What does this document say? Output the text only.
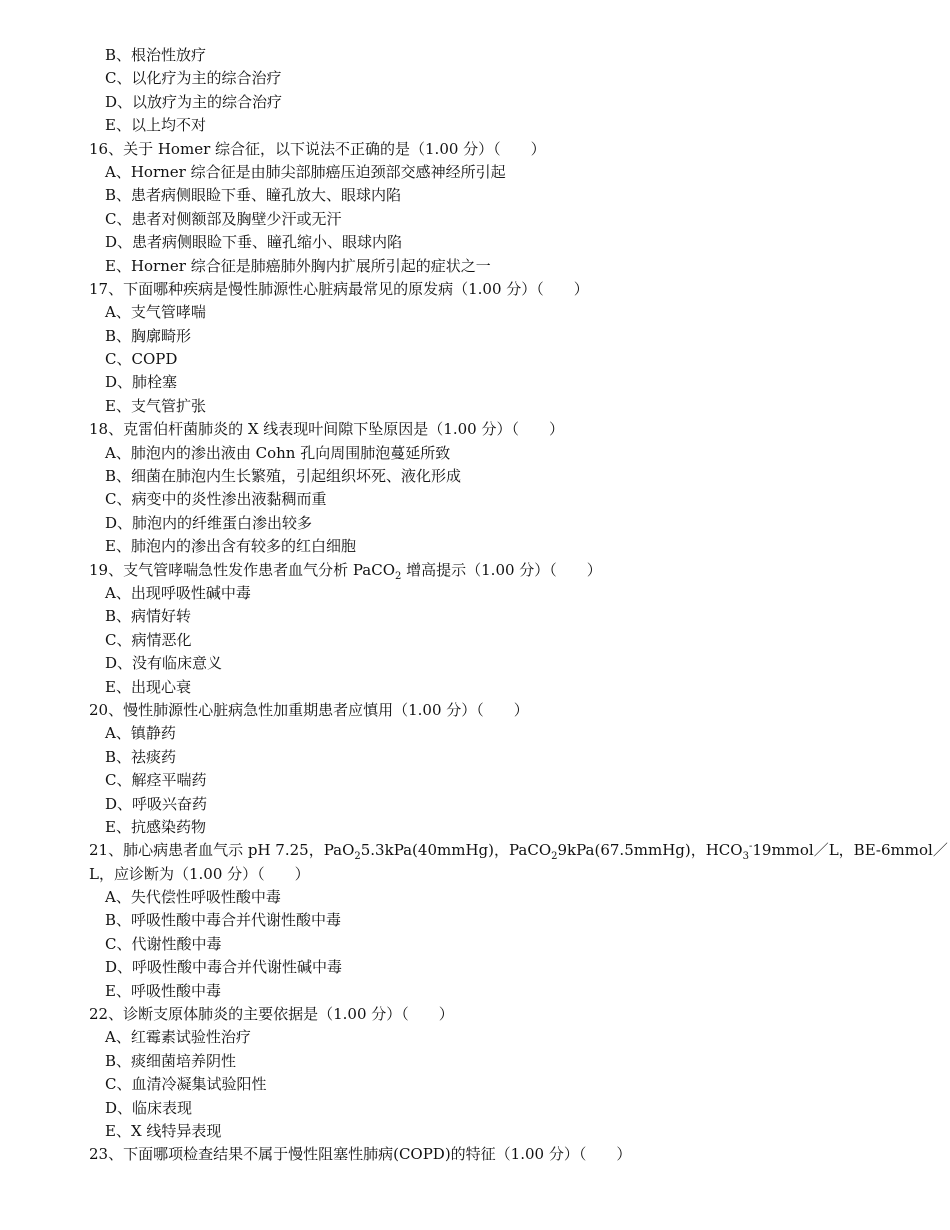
B、根治性放疗
C、以化疗为主的综合治疗
D、以放疗为主的综合治疗
E、以上均不对
16、关于 Homer 综合征，以下说法不正确的是（1.00 分）（　　）
A、Horner 综合征是由肺尖部肺癌压迫颈部交感神经所引起
B、患者病侧眼睑下垂、瞳孔放大、眼球内陷
C、患者对侧额部及胸壁少汗或无汗
D、患者病侧眼睑下垂、瞳孔缩小、眼球内陷
E、Horner 综合征是肺癌肺外胸内扩展所引起的症状之一
17、下面哪种疾病是慢性肺源性心脏病最常见的原发病（1.00 分）（　　）
A、支气管哮喘
B、胸廓畸形
C、COPD
D、肺栓塞
E、支气管扩张
18、克雷伯杆菌肺炎的 X 线表现叶间隙下坠原因是（1.00 分）（　　）
A、肺泡内的渗出液由 Cohn 孔向周围肺泡蔓延所致
B、细菌在肺泡内生长繁殖，引起组织坏死、液化形成
C、病变中的炎性渗出液黏稠而重
D、肺泡内的纤维蛋白渗出较多
E、肺泡内的渗出含有较多的红白细胞
19、支气管哮喘急性发作患者血气分析 PaCO$_2$ 增高提示（1.00 分）（　　）
A、出现呼吸性碱中毒
B、病情好转
C、病情恶化
D、没有临床意义
E、出现心衰
20、慢性肺源性心脏病急性加重期患者应慎用（1.00 分）（　　）
A、镇静药
B、祛痰药
C、解痉平喘药
D、呼吸兴奋药
E、抗感染药物
21、肺心病患者血气示 pH 7.25，PaO$_2$5.3kPa(40mmHg)，PaCO$_2$9kPa(67.5mmHg)，$HCO_3^-19mmol/L$，BE-6mmol／
L，应诊断为（1.00 分）（　　）
A、失代偿性呼吸性酸中毒
B、呼吸性酸中毒合并代谢性酸中毒
C、代谢性酸中毒
D、呼吸性酸中毒合并代谢性碱中毒
E、呼吸性酸中毒
22、诊断支原体肺炎的主要依据是（1.00 分）（　　）
A、红霉素试验性治疗
B、痰细菌培养阴性
C、血清冷凝集试验阳性
D、临床表现
E、X 线特异表现
23、下面哪项检查结果不属于慢性阻塞性肺病(COPD)的特征（1.00 分）（　　）
